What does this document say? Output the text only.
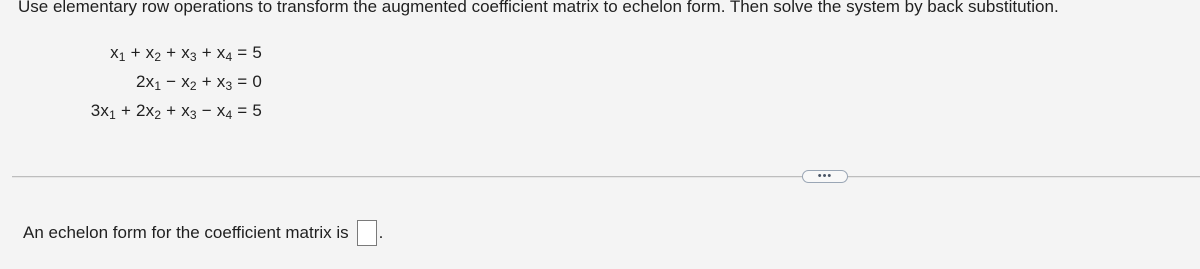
Use elementary row operations to transform the augmented coefficient matrix to echelon form. Then solve the system by back substitution.
$x_1 + x_2 + x_3 + x_4 = 5$
$2x_1 - x_2 + x_3 = 0$
$3x_1 + 2x_2 + x_3 - x_4 = 5$
•••
An echelon form for the coefficient matrix is .
